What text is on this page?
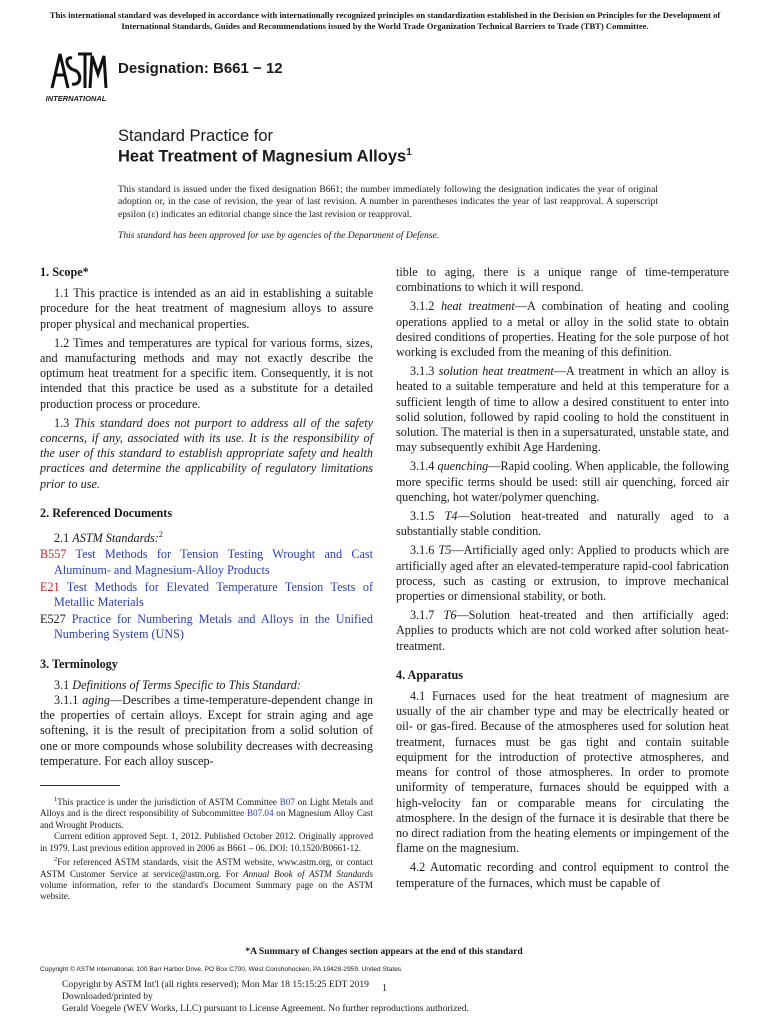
This international standard was developed in accordance with internationally recognized principles on standardization established in the Decision on Principles for the Development of International Standards, Guides and Recommendations issued by the World Trade Organization Technical Barriers to Trade (TBT) Committee.
INTERNATIONAL
Designation: B661 − 12
Standard Practice for
Heat Treatment of Magnesium Alloys$^1$
This standard is issued under the fixed designation B661; the number immediately following the designation indicates the year of original adoption or, in the case of revision, the year of last revision. A number in parentheses indicates the year of last reapproval. A superscript epsilon (ε) indicates an editorial change since the last revision or reapproval.
This standard has been approved for use by agencies of the Department of Defense.
1. Scope*

1.1 This practice is intended as an aid in establishing a suitable procedure for the heat treatment of magnesium alloys to assure proper physical and mechanical properties.

1.2 Times and temperatures are typical for various forms, sizes, and manufacturing methods and may not exactly describe the optimum heat treatment for a specific item. Consequently, it is not intended that this practice be used as a substitute for a detailed production process or procedure.

1.3 This standard does not purport to address all of the safety concerns, if any, associated with its use. It is the responsibility of the user of this standard to establish appropriate safety and health practices and determine the applicability of regulatory limitations prior to use.

2. Referenced Documents

2.1 ASTM Standards:$^2$

B557 Test Methods for Tension Testing Wrought and Cast Aluminum- and Magnesium-Alloy Products

E21 Test Methods for Elevated Temperature Tension Tests of Metallic Materials

E527 Practice for Numbering Metals and Alloys in the Unified Numbering System (UNS)

3. Terminology

3.1 Definitions of Terms Specific to This Standard:

3.1.1 aging—Describes a time-temperature-dependent change in the properties of certain alloys. Except for strain aging and age softening, it is the result of precipitation from a solid solution of one or more compounds whose solubility decreases with decreasing temperature. For each alloy suscep-

tible to aging, there is a unique range of time-temperature combinations to which it will respond.

3.1.2 heat treatment—A combination of heating and cooling operations applied to a metal or alloy in the solid state to obtain desired conditions of properties. Heating for the sole purpose of hot working is excluded from the meaning of this definition.

3.1.3 solution heat treatment—A treatment in which an alloy is heated to a suitable temperature and held at this temperature for a sufficient length of time to allow a desired constituent to enter into solid solution, followed by rapid cooling to hold the constituent in solution. The material is then in a supersaturated, unstable state, and may subsequently exhibit Age Hardening.

3.1.4 quenching—Rapid cooling. When applicable, the following more specific terms should be used: still air quenching, forced air quenching, hot water/polymer quenching.

3.1.5 T4—Solution heat-treated and naturally aged to a substantially stable condition.

3.1.6 T5—Artificially aged only: Applied to products which are artificially aged after an elevated-temperature rapid-cool fabrication process, such as casting or extrusion, to improve mechanical properties or dimensional stability, or both.

3.1.7 T6—Solution heat-treated and then artificially aged: Applies to products which are not cold worked after solution heat-treatment.

4. Apparatus

4.1 Furnaces used for the heat treatment of magnesium are usually of the air chamber type and may be electrically heated or oil- or gas-fired. Because of the atmospheres used for solution heat treatment, furnaces must be gas tight and contain suitable equipment for the introduction of protective atmospheres, and means for control of those atmospheres. In order to promote uniformity of temperature, furnaces should be equipped with a high-velocity fan or comparable means for circulating the atmosphere. In the design of the furnace it is desirable that there be no direct radiation from the heating elements or impingement of the flame on the magnesium.

4.2 Automatic recording and control equipment to control the temperature of the furnaces, which must be capable of

$^1$This practice is under the jurisdiction of ASTM Committee B07 on Light Metals and Alloys and is the direct responsibility of Subcommittee B07.04 on Magnesium Alloy Cast and Wrought Products.

Current edition approved Sept. 1, 2012. Published October 2012. Originally approved in 1979. Last previous edition approved in 2006 as B661 – 06. DOI: 10.1520/B0661-12.

$^2$For referenced ASTM standards, visit the ASTM website, www.astm.org, or contact ASTM Customer Service at service@astm.org. For Annual Book of ASTM Standards volume information, refer to the standard's Document Summary page on the ASTM website.

*A Summary of Changes section appears at the end of this standard
Copyright © ASTM International, 100 Barr Harbor Drive, PO Box C700, West Conshohocken, PA 19428-2959. United States
Copyright by ASTM Int'l (all rights reserved); Mon Mar 18 15:15:25 EDT 2019
Downloaded/printed by
Gerald Voegele (WEV Works, LLC) pursuant to License Agreement. No further reproductions authorized.
1
